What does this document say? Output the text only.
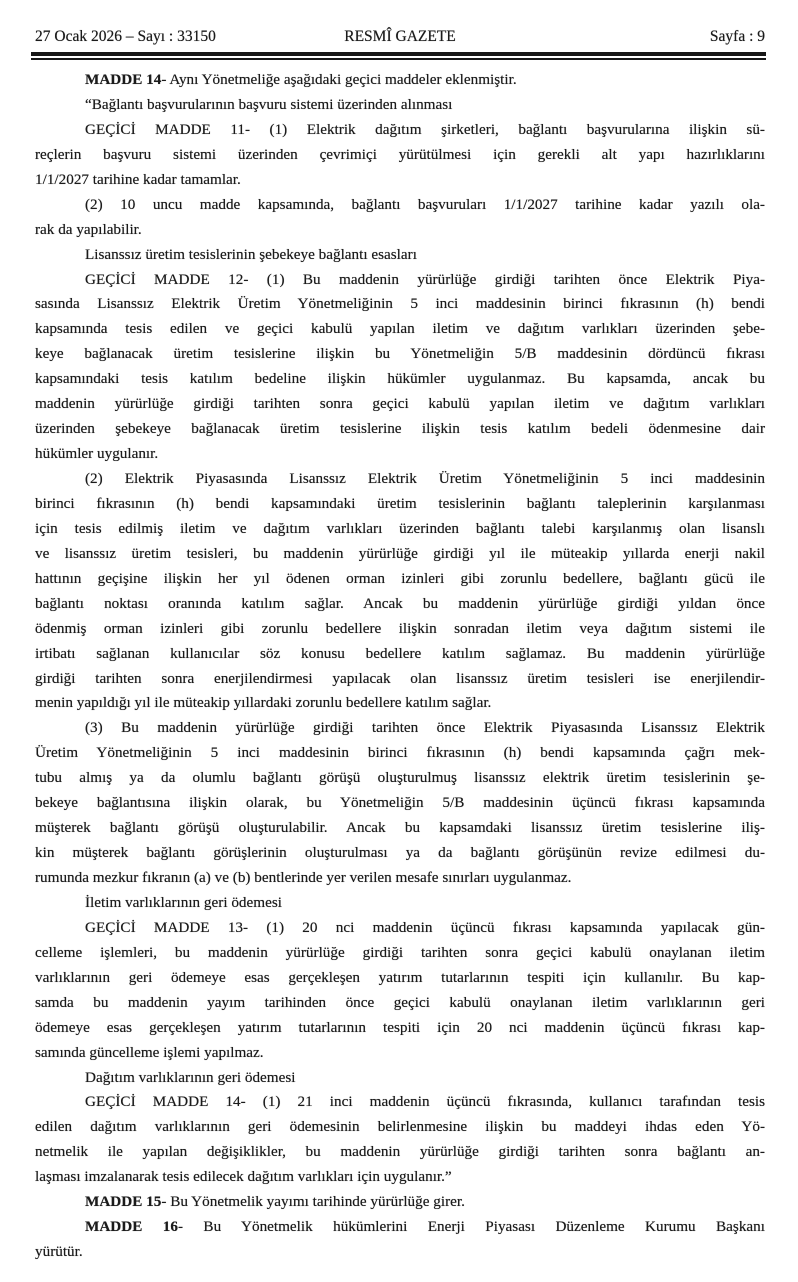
27 Ocak 2026 – Sayı : 33150	RESMÎ GAZETE	Sayfa : 9
MADDE 14- Aynı Yönetmeliğe aşağıdaki geçici maddeler eklenmiştir.
“Bağlantı başvurularının başvuru sistemi üzerinden alınması
GEÇİCİ MADDE 11- (1) Elektrik dağıtım şirketleri, bağlantı başvurularına ilişkin sü-
reçlerin başvuru sistemi üzerinden çevrimiçi yürütülmesi için gerekli alt yapı hazırlıklarını
1/1/2027 tarihine kadar tamamlar.
(2) 10 uncu madde kapsamında, bağlantı başvuruları 1/1/2027 tarihine kadar yazılı ola-
rak da yapılabilir.
Lisanssız üretim tesislerinin şebekeye bağlantı esasları
GEÇİCİ MADDE 12- (1) Bu maddenin yürürlüğe girdiği tarihten önce Elektrik Piya-
sasında Lisanssız Elektrik Üretim Yönetmeliğinin 5 inci maddesinin birinci fıkrasının (h) bendi
kapsamında tesis edilen ve geçici kabulü yapılan iletim ve dağıtım varlıkları üzerinden şebe-
keye bağlanacak üretim tesislerine ilişkin bu Yönetmeliğin 5/B maddesinin dördüncü fıkrası
kapsamındaki tesis katılım bedeline ilişkin hükümler uygulanmaz. Bu kapsamda, ancak bu
maddenin yürürlüğe girdiği tarihten sonra geçici kabulü yapılan iletim ve dağıtım varlıkları
üzerinden şebekeye bağlanacak üretim tesislerine ilişkin tesis katılım bedeli ödenmesine dair
hükümler uygulanır.
(2) Elektrik Piyasasında Lisanssız Elektrik Üretim Yönetmeliğinin 5 inci maddesinin
birinci fıkrasının (h) bendi kapsamındaki üretim tesislerinin bağlantı taleplerinin karşılanması
için tesis edilmiş iletim ve dağıtım varlıkları üzerinden bağlantı talebi karşılanmış olan lisanslı
ve lisanssız üretim tesisleri, bu maddenin yürürlüğe girdiği yıl ile müteakip yıllarda enerji nakil
hattının geçişine ilişkin her yıl ödenen orman izinleri gibi zorunlu bedellere, bağlantı gücü ile
bağlantı noktası oranında katılım sağlar. Ancak bu maddenin yürürlüğe girdiği yıldan önce
ödenmiş orman izinleri gibi zorunlu bedellere ilişkin sonradan iletim veya dağıtım sistemi ile
irtibatı sağlanan kullanıcılar söz konusu bedellere katılım sağlamaz. Bu maddenin yürürlüğe
girdiği tarihten sonra enerjilendirmesi yapılacak olan lisanssız üretim tesisleri ise enerjilendir-
menin yapıldığı yıl ile müteakip yıllardaki zorunlu bedellere katılım sağlar.
(3) Bu maddenin yürürlüğe girdiği tarihten önce Elektrik Piyasasında Lisanssız Elektrik
Üretim Yönetmeliğinin 5 inci maddesinin birinci fıkrasının (h) bendi kapsamında çağrı mek-
tubu almış ya da olumlu bağlantı görüşü oluşturulmuş lisanssız elektrik üretim tesislerinin şe-
bekeye bağlantısına ilişkin olarak, bu Yönetmeliğin 5/B maddesinin üçüncü fıkrası kapsamında
müşterek bağlantı görüşü oluşturulabilir. Ancak bu kapsamdaki lisanssız üretim tesislerine iliş-
kin müşterek bağlantı görüşlerinin oluşturulması ya da bağlantı görüşünün revize edilmesi du-
rumunda mezkur fıkranın (a) ve (b) bentlerinde yer verilen mesafe sınırları uygulanmaz.
İletim varlıklarının geri ödemesi
GEÇİCİ MADDE 13- (1) 20 nci maddenin üçüncü fıkrası kapsamında yapılacak gün-
celleme işlemleri, bu maddenin yürürlüğe girdiği tarihten sonra geçici kabulü onaylanan iletim
varlıklarının geri ödemeye esas gerçekleşen yatırım tutarlarının tespiti için kullanılır. Bu kap-
samda bu maddenin yayım tarihinden önce geçici kabulü onaylanan iletim varlıklarının geri
ödemeye esas gerçekleşen yatırım tutarlarının tespiti için 20 nci maddenin üçüncü fıkrası kap-
samında güncelleme işlemi yapılmaz.
Dağıtım varlıklarının geri ödemesi
GEÇİCİ MADDE 14- (1) 21 inci maddenin üçüncü fıkrasında, kullanıcı tarafından tesis
edilen dağıtım varlıklarının geri ödemesinin belirlenmesine ilişkin bu maddeyi ihdas eden Yö-
netmelik ile yapılan değişiklikler, bu maddenin yürürlüğe girdiği tarihten sonra bağlantı an-
laşması imzalanarak tesis edilecek dağıtım varlıkları için uygulanır.”
MADDE 15- Bu Yönetmelik yayımı tarihinde yürürlüğe girer.
MADDE 16- Bu Yönetmelik hükümlerini Enerji Piyasası Düzenleme Kurumu Başkanı
yürütür.
